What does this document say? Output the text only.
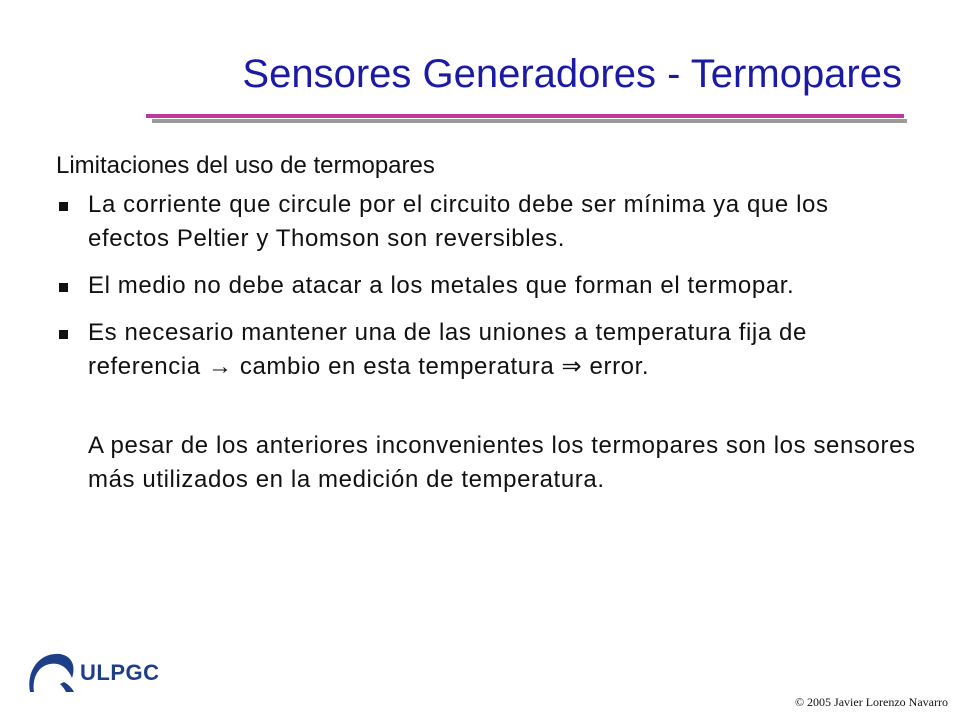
Sensores Generadores - Termopares

Limitaciones del uso de termopares

La corriente que circule por el circuito debe ser mínima ya que los efectos Peltier y Thomson son reversibles.
El medio no debe atacar a los metales que forman el termopar.
Es necesario mantener una de las uniones a temperatura fija de referencia → cambio en esta temperatura ⇒ error.

A pesar de los anteriores inconvenientes los termopares son los sensores más utilizados en la medición de temperatura.

ULPGC
© 2005 Javier Lorenzo Navarro
